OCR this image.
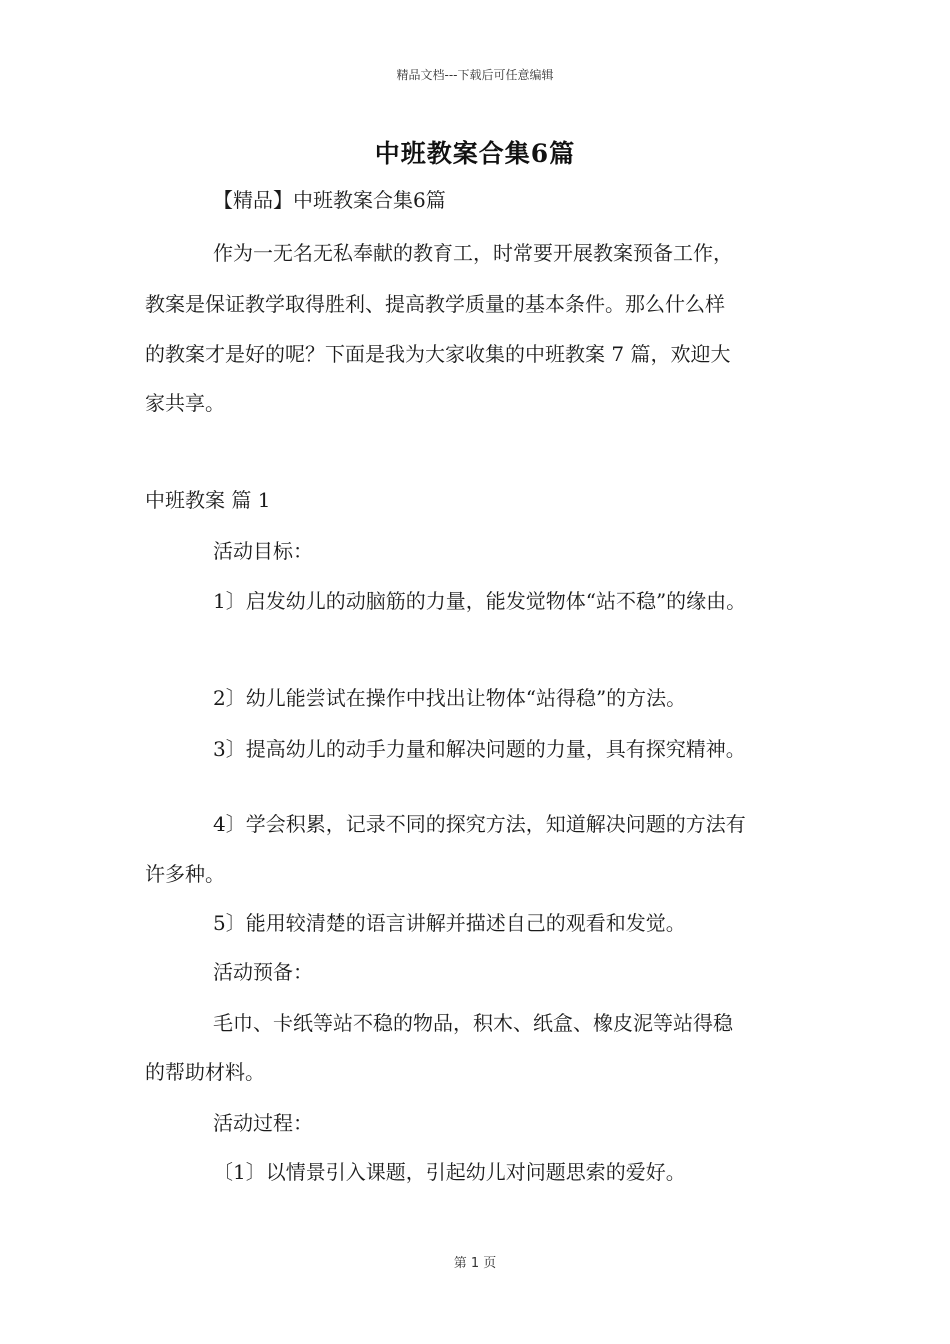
精品文档---下载后可任意编辑
中班教案合集6篇
【精品】中班教案合集6篇
作为一无名无私奉献的教育工，时常要开展教案预备工作，
教案是保证教学取得胜利、提高教学质量的基本条件。那么什么样
的教案才是好的呢？下面是我为大家收集的中班教案 7 篇，欢迎大
家共享。
中班教案 篇 1
活动目标：
1〕启发幼儿的动脑筋的力量，能发觉物体“站不稳”的缘由。
2〕幼儿能尝试在操作中找出让物体“站得稳”的方法。
3〕提高幼儿的动手力量和解决问题的力量，具有探究精神。
4〕学会积累，记录不同的探究方法，知道解决问题的方法有
许多种。
5〕能用较清楚的语言讲解并描述自己的观看和发觉。
活动预备：
毛巾、卡纸等站不稳的物品，积木、纸盒、橡皮泥等站得稳
的帮助材料。
活动过程：
〔1〕以情景引入课题，引起幼儿对问题思索的爱好。
第 1 页
